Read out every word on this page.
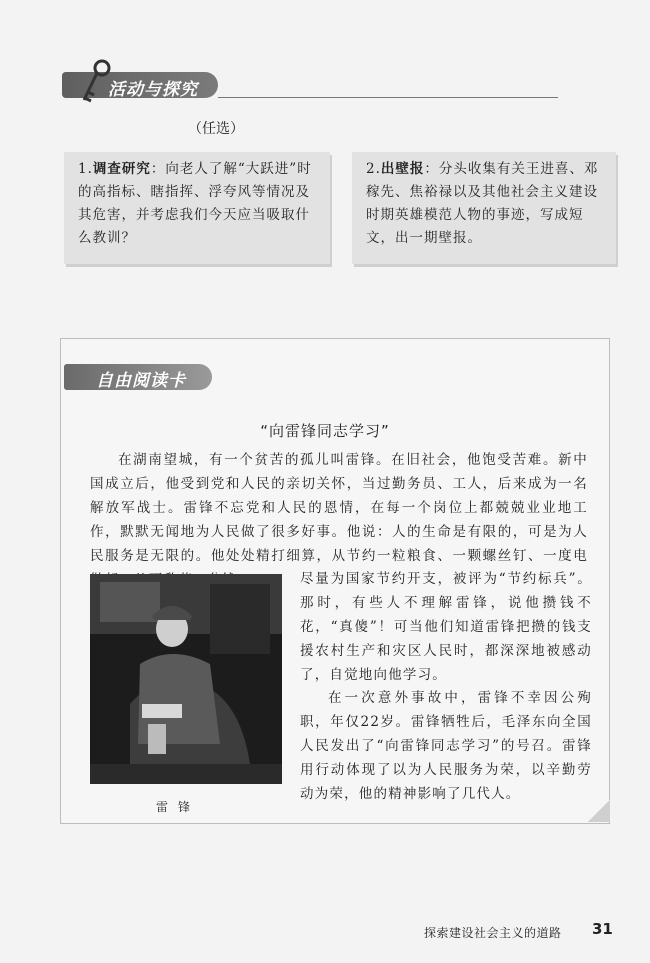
活动与探究
（任选）
1.调查研究：向老人了解“大跃进”时的高指标、瞎指挥、浮夸风等情况及其危害，并考虑我们今天应当吸取什么教训？
2.出壁报：分头收集有关王进喜、邓稼先、焦裕禄以及其他社会主义建设时期英雄模范人物的事迹，写成短文，出一期壁报。
自由阅读卡
“向雷锋同志学习”
在湖南望城，有一个贫苦的孤儿叫雷锋。在旧社会，他饱受苦难。新中国成立后，他受到党和人民的亲切关怀，当过勤务员、工人，后来成为一名解放军战士。雷锋不忘党和人民的恩情，在每一个岗位上都兢兢业业地工作，默默无闻地为人民做了很多好事。他说：人的生命是有限的，可是为人民服务是无限的。他处处精打细算，从节约一粒粮食、一颗螺丝钉、一度电
尽量为国家节约开支，被评为“节约标兵”。那时，有些人不理解雷锋，说他攒钱不花，“真傻”！可当他们知道雷锋把攒的钱支援农村生产和灾区人民时，都深深地被感动了，自觉地向他学习。
在一次意外事故中，雷锋不幸因公殉职，年仅22岁。雷锋牺牲后，毛泽东向全国人民发出了“向雷锋同志学习”的号召。雷锋用行动体现了以为人民服务为荣，以辛勤劳动为荣，他的精神影响了几代人。
雷锋
探索建设社会主义的道路 31
